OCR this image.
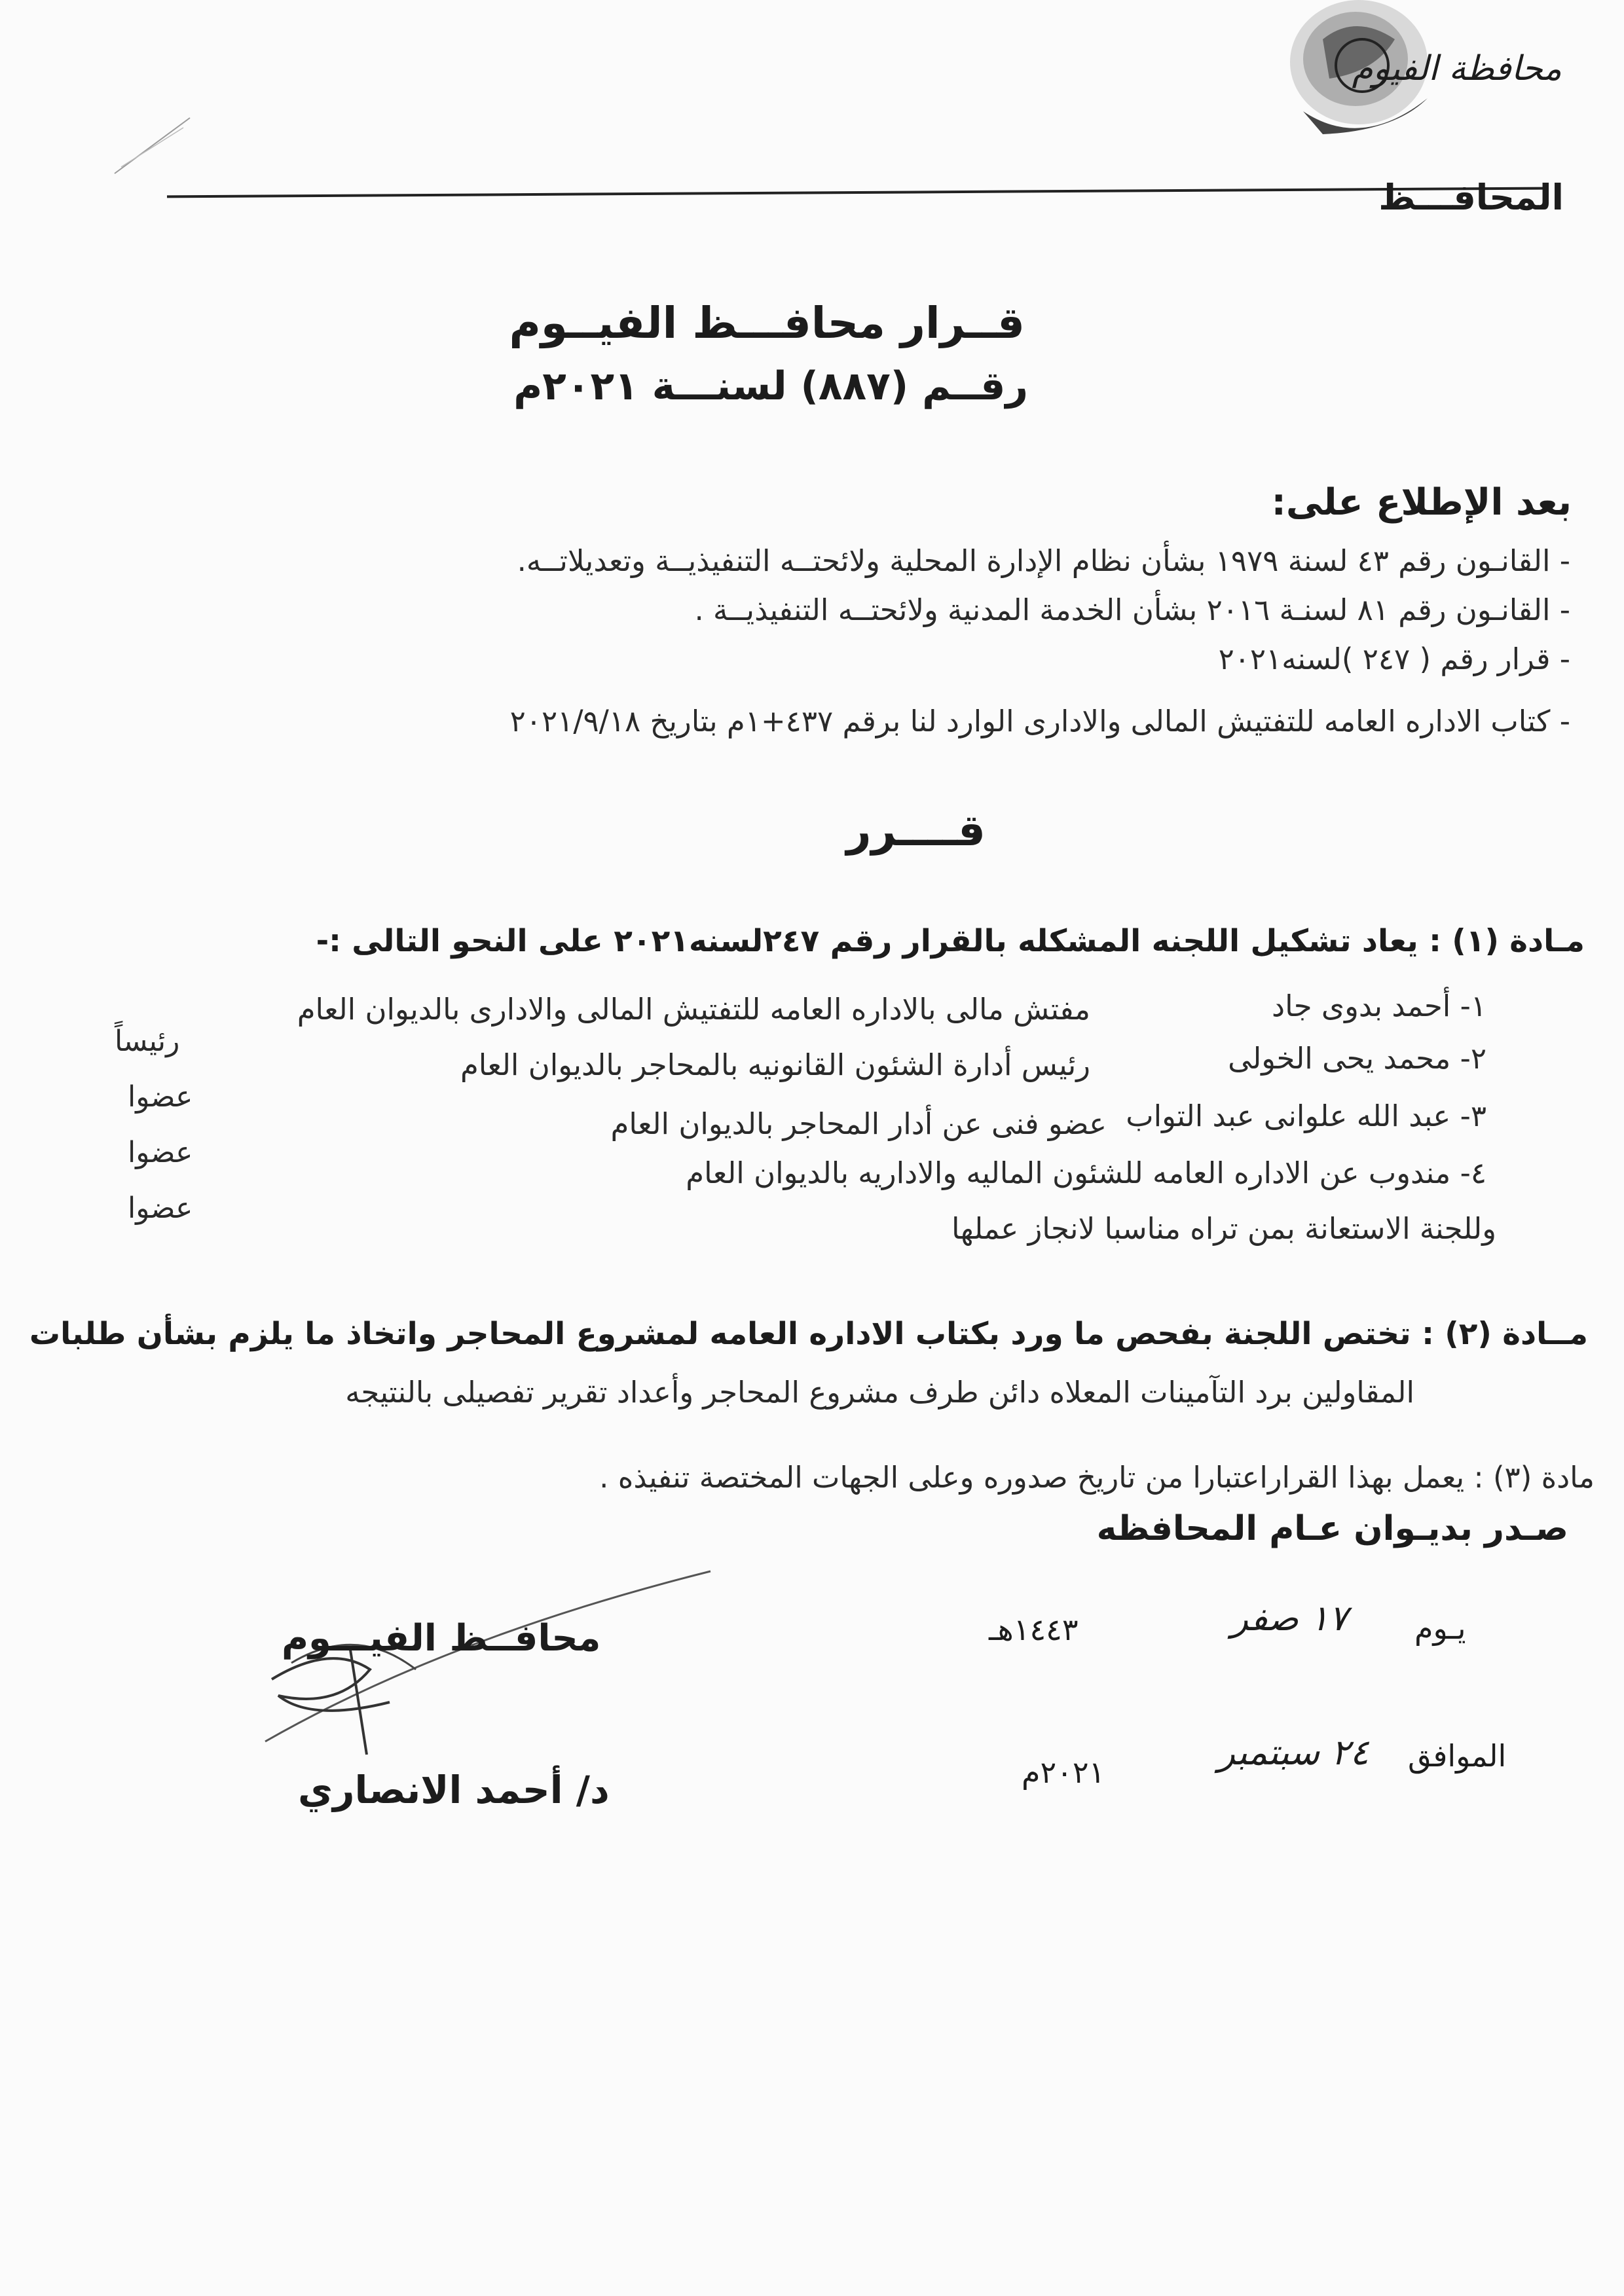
محافظة الفيوم
المحافـــظ
قــرار محافـــظ الفيــوم
رقــم (٨٨٧) لسنـــة ٢٠٢١م
بعد الإطلاع على:
- القانـون رقم ٤٣ لسنة ١٩٧٩ بشأن نظام الإدارة المحلية ولائحتــه التنفيذيــة وتعديلاتــه.
- القانـون رقم ٨١ لسنـة ٢٠١٦ بشأن الخدمة المدنية ولائحتــه التنفيذيــة .
- قرار رقم ( ٢٤٧ )لسنه٢٠٢١
- كتاب الاداره العامه للتفتيش المالى والادارى الوارد لنا برقم ٤٣٧+١م بتاريخ ٢٠٢١/٩/١٨
قــــرر
مـادة (١) : يعاد تشكيل اللجنه المشكله بالقرار رقم ٢٤٧لسنه٢٠٢١ على النحو التالى :-
١- أحمد بدوى جاد
مفتش مالى بالاداره العامه للتفتيش المالى والادارى بالديوان العام
رئيساً	٢- محمد يحى الخولى
رئيس أدارة الشئون القانونيه بالمحاجر بالديوان العام
عضوا
٣- عبد الله علوانى عبد التواب
عضو فنى عن أدار المحاجر بالديوان العام
عضوا
٤- مندوب عن الاداره العامه للشئون الماليه والاداريه بالديوان العام
عضوا
وللجنة الاستعانة بمن تراه مناسبا لانجاز عملها
مــادة (٢) : تختص اللجنة بفحص ما ورد بكتاب الاداره العامه لمشروع المحاجر واتخاذ ما يلزم بشأن طلبات
المقاولين برد التآمينات المعلاه دائن طرف مشروع المحاجر وأعداد تقرير تفصيلى بالنتيجه
مادة (٣) : يعمل بهذا القراراعتبارا من تاريخ صدوره وعلى الجهات المختصة تنفيذه .
صـدر بديـوان عـام المحافظه
محافــظ الفيـــوم
د/ أحمد الانصاري
يـوم
١٧ صفر
١٤٤٣هـ
الموافق
٢٤ سبتمبر
٢٠٢١م
